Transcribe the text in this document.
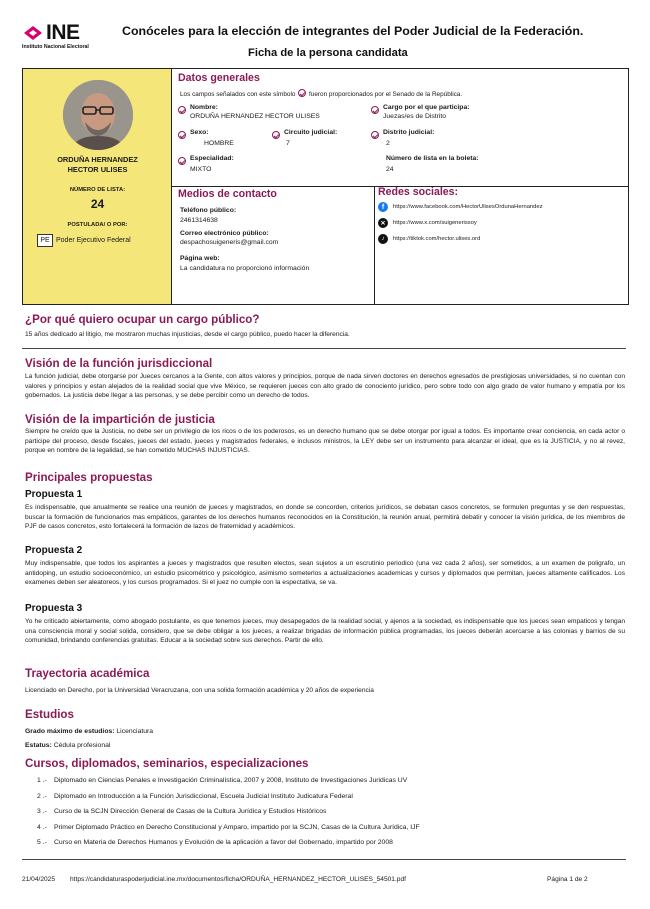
INE
Instituto Nacional Electoral
Conóceles para la elección de integrantes del Poder Judicial de la Federación.
Ficha de la persona candidata
ORDUÑA HERNANDEZ
HECTOR ULISES
NÚMERO DE LISTA:
24
POSTULADA/ O POR:
PE Poder Ejecutivo Federal
Datos generales
Los campos señalados con este símbolo fueron proporcionados por el Senado de la República.
Nombre:
ORDUÑA HERNANDEZ HECTOR ULISES
Cargo por el que participa:
Juezas/es de Distrito
Sexo:
HOMBRE
Circuito judicial:
7
Distrito judicial:
2
Especialidad:
MIXTO
Número de lista en la boleta:
24
Medios de contacto
Teléfono público:
2461314638
Correo electrónico público:
despachosuigeneris@gmail.com
Página web:
La candidatura no proporcionó información
Redes sociales:
f	https://www.facebook.com/HectorUlisesOrdunaHernandez
✕	https://www.x.com/suigenerissoy
♪	https://tiktok.com/hector.ulises.ord
¿Por qué quiero ocupar un cargo público?
15 años dedicado al litigio, me mostraron muchas injusticias, desde el cargo público, puedo hacer la diferencia.
Visión de la función jurisdiccional
La función judicial, debe otorgarse por Jueces cercanos a la Gente, con altos valores y principios, porque de nada sirven doctores en derechos egresados de prestigiosas universidades, si no cuentan con valores y principios y estan alejados de la realidad social que vive México, se requieren jueces con alto grado de conociento jurídico, pero sobre todo con algo grado de valor humano y empatía por los gobernados. La justicia debe llegar a las personas, y se debe percibir como un derecho de todos.
Visión de la impartición de justicia
Siempre he creído que la Justicia, no debe ser un privilegio de los ricos o de los poderosos, es un derecho humano que se debe otorgar por igual a todos. Es importante crear conciencia, en cada actor o participe del proceso, desde fiscales, jueces del estado, jueces y magistrados federales, e inclusos ministros, la LEY debe ser un instrumento para alcanzar el ideal, que es la JUSTICIA, y no al revez, porque en nombre de la legalidad, se han cometido MUCHAS INJUSTICIAS.
Principales propuestas
Propuesta 1
Es indispensable, que anualmente se realice una reunión de jueces y magistrados, en donde se concorden, criterios jurídicos, se debatan casos concretos, se formulen preguntas y se den respuestas, buscar la formación de funcionarios mas empáticos, garantes de los derechos humanos reconocidos en la Constitución, la reunión anual, permitirá debatir y conocer la visión jurídica, de los miembros de PJF de casos concretos, esto fortalecerá la formación de lazos de fraternidad y académicos.
Propuesta 2
Muy indispensable, que todos los aspirantes a jueces y magistrados que resulten electos, sean sujetos a un escrutinio periodico (una vez cada 2 años), ser sometidos, a un examen de poligrafo, un antidoping, un estudio socioeconómico, un estudio psicométrico y psicológico, asimismo someterlos a actualizaciones academicas y cursos y diplomados que permitan, jueces altamente calificados. Los examenes deben ser aleatoreos, y los cursos programados. Si el juez no cumple con la espectativa, se va.
Propuesta 3
Yo he criticado abiertamente, como abogado postulante, es que tenemos jueces, muy desapegados de la realidad social, y ajenos a la sociedad, es indispensable que los jueces sean empaticos y tengan una consciencia moral y social solida, considero, que se debe obligar a los jueces, a realizar brigadas de información pública programadas, los jueces deberán acercarse a las colonias y barrios de su comunidad, brindando conferencias gratuitas. Educar a la sociedad sobre sus derechos. Partir de ello.
Trayectoria académica
Licenciado en Derecho, por la Universidad Veracruzana, con una solida formación académica y 20 años de experiencia
Estudios
Grado máximo de estudios: Licenciatura
Estatus: Cédula profesional
Cursos, diplomados, seminarios, especializaciones
1 .- Diplomado en Ciencias Penales e Investigación Criminalística, 2007 y 2008, Instituto de Investigaciones Juridicas UV
2 .- Diplomado en Introducción a la Función Jurisdiccional, Escuela Judicial Instituto Judicatura Federal
3 .- Curso de la SCJN Dirección General de Casas de la Cultura Jurídica y Estudios Históricos
4 .- Primer Diplomado Práctico en Derecho Constitucional y Amparo, impartido por la SCJN, Casas de la Cultura Jurídica, IJF
5 .- Curso en Materia de Derechos Humanos y Evolución de la aplicación a favor del Gobernado, impartido por 2008
21/04/2025 https://candidaturaspoderjudicial.ine.mx/documentos/ficha/ORDUÑA_HERNANDEZ_HECTOR_ULISES_54501.pdf	Página 1 de 2
